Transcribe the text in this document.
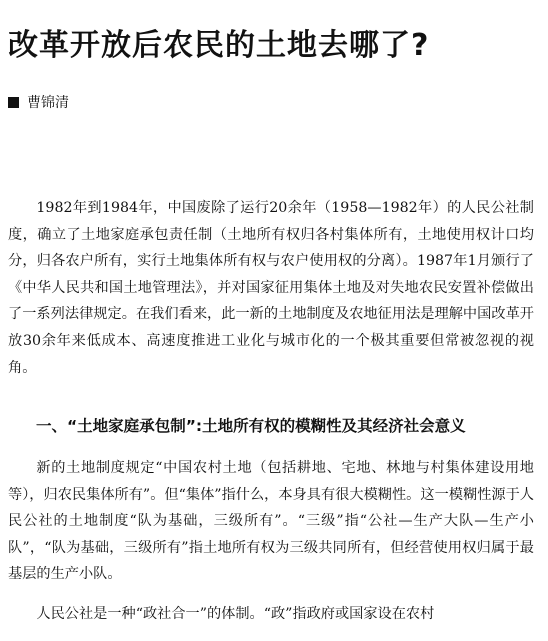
改革开放后农民的土地去哪了?
曹锦清

1982年到1984年，中国废除了运行20余年（1958—1982年）的人民公社制度，确立了土地家庭承包责任制（土地所有权归各村集体所有，土地使用权计口均分，归各农户所有，实行土地集体所有权与农户使用权的分离）。1987年1月颁行了《中华人民共和国土地管理法》，并对国家征用集体土地及对失地农民安置补偿做出了一系列法律规定。在我们看来，此一新的土地制度及农地征用法是理解中国改革开放30余年来低成本、高速度推进工业化与城市化的一个极其重要但常被忽视的视角。

一、“土地家庭承包制”:土地所有权的模糊性及其经济社会意义

新的土地制度规定“中国农村土地（包括耕地、宅地、林地与村集体建设用地等），归农民集体所有”。但“集体”指什么，本身具有很大模糊性。这一模糊性源于人民公社的土地制度“队为基础，三级所有”。“三级”指“公社—生产大队—生产小队”，“队为基础，三级所有”指土地所有权为三级共同所有，但经营使用权归属于最基层的生产小队。

人民公社是一种“政社合一”的体制。“政”指政府或国家设在农村
